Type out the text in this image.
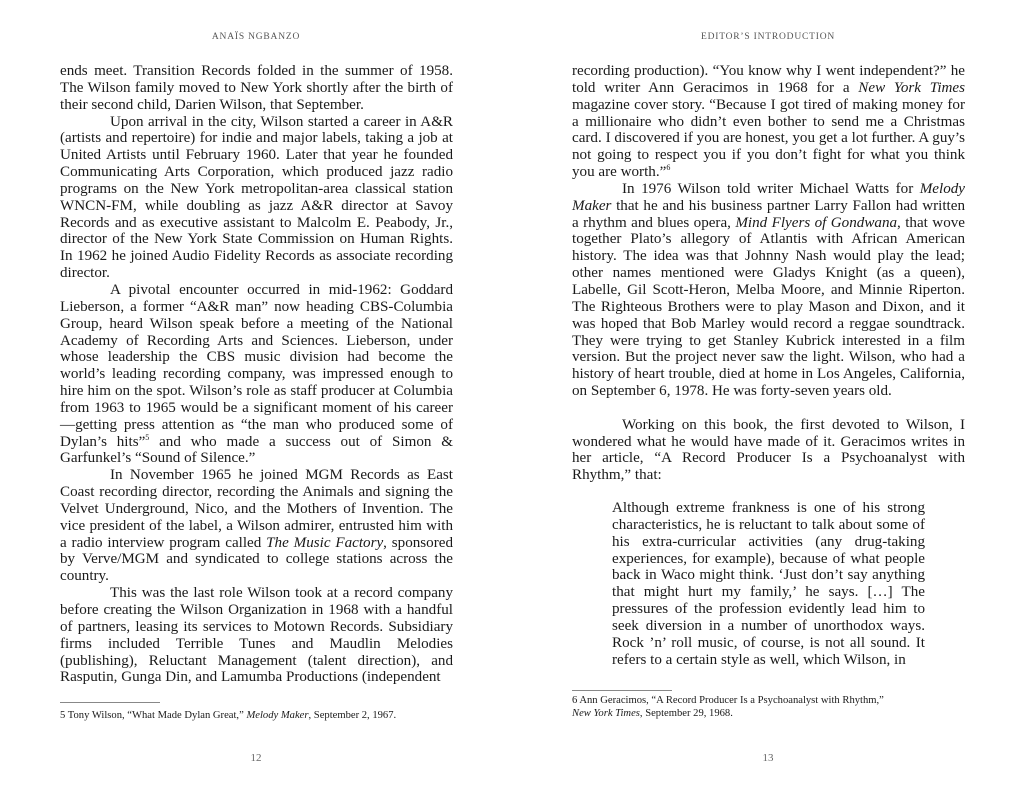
ANAÏS NGBANZO

ends meet. Transition Records folded in the summer of 1958. The Wilson family moved to New York shortly after the birth of their second child, Darien Wilson, that September.

Upon arrival in the city, Wilson started a career in A&R (artists and repertoire) for indie and major labels, taking a job at United Artists until February 1960. Later that year he founded Communicating Arts Corporation, which produced jazz radio programs on the New York metropolitan-area classical station WNCN-FM, while doubling as jazz A&R director at Savoy Records and as executive assistant to Malcolm E. Peabody, Jr., director of the New York State Commission on Human Rights. In 1962 he joined Audio Fidelity Records as associate recording director.

A pivotal encounter occurred in mid-1962: Goddard Lieberson, a former “A&R man” now heading CBS-Columbia Group, heard Wilson speak before a meeting of the National Academy of Recording Arts and Sciences. Lieberson, under whose leadership the CBS music division had become the world’s leading recording company, was impressed enough to hire him on the spot. Wilson’s role as staff producer at Columbia from 1963 to 1965 would be a significant moment of his career—getting press attention as “the man who produced some of Dylan’s hits”$^5$ and who made a success out of Simon & Garfunkel’s “Sound of Silence.”

In November 1965 he joined MGM Records as East Coast recording director, recording the Animals and signing the Velvet Underground, Nico, and the Mothers of Invention. The vice president of the label, a Wilson admirer, entrusted him with a radio interview program called The Music Factory, sponsored by Verve/MGM and syndicated to college stations across the country.

This was the last role Wilson took at a record company before creating the Wilson Organization in 1968 with a handful of partners, leasing its services to Motown Records. Subsidiary firms included Terrible Tunes and Maudlin Melodies (publishing), Reluctant Management (talent direction), and Rasputin, Gunga Din, and Lamumba Productions (independent

5 Tony Wilson, “What Made Dylan Great,” Melody Maker, September 2, 1967.
12
EDITOR’S INTRODUCTION

recording production). “You know why I went independent?” he told writer Ann Geracimos in 1968 for a New York Times magazine cover story. “Because I got tired of making money for a millionaire who didn’t even bother to send me a Christmas card. I discovered if you are honest, you get a lot further. A guy’s not going to respect you if you don’t fight for what you think you are worth.”$^6$

In 1976 Wilson told writer Michael Watts for Melody Maker that he and his business partner Larry Fallon had written a rhythm and blues opera, Mind Flyers of Gondwana, that wove together Plato’s allegory of Atlantis with African American history. The idea was that Johnny Nash would play the lead; other names mentioned were Gladys Knight (as a queen), Labelle, Gil Scott-Heron, Melba Moore, and Minnie Riperton. The Righteous Brothers were to play Mason and Dixon, and it was hoped that Bob Marley would record a reggae soundtrack. They were trying to get Stanley Kubrick interested in a film version. But the project never saw the light. Wilson, who had a history of heart trouble, died at home in Los Angeles, California, on September 6, 1978. He was forty-seven years old.

Working on this book, the first devoted to Wilson, I wondered what he would have made of it. Geracimos writes in her article, “A Record Producer Is a Psychoanalyst with Rhythm,” that:

Although extreme frankness is one of his strong characteristics, he is reluctant to talk about some of his extra-curricular activities (any drug-taking experiences, for example), because of what people back in Waco might think. ‘Just don’t say anything that might hurt my family,’ he says. […] The pressures of the profession evidently lead him to seek diversion in a number of unorthodox ways. Rock ’n’ roll music, of course, is not all sound. It refers to a certain style as well, which Wilson, in
6 Ann Geracimos, “A Record Producer Is a Psychoanalyst with Rhythm,”
New York Times, September 29, 1968.
13
